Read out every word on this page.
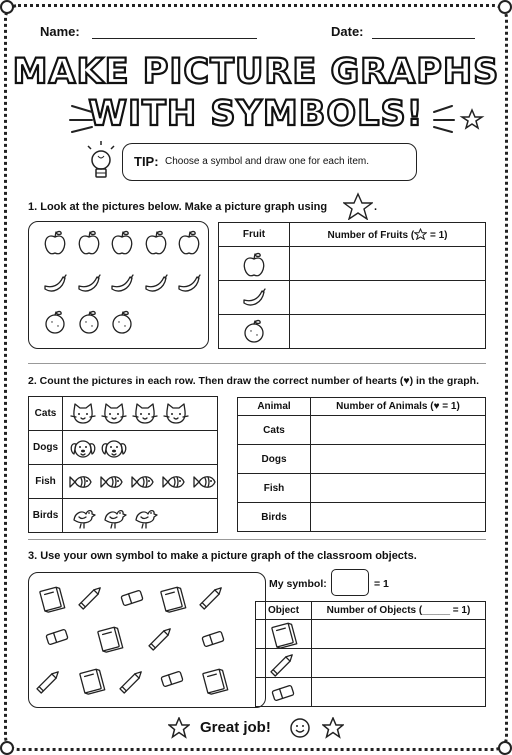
Name:	Date:
MAKE PICTURE GRAPHS
WITH SYMBOLS!
TIP: Choose a symbol and draw one for each item.
1. Look at the pictures below. Make a picture graph using	.
Fruit	Number of Fruits ( = 1)

2. Count the pictures in each row. Then draw the correct number of hearts (♥) in the graph.
Cats	

Dogs	

Fish	

Birds	
Animal	Number of Animals (♥ = 1)
Cats	
Dogs	
Fish	
Birds	
3. Use your own symbol to make a picture graph of the classroom objects.
My symbol:	= 1
Object	Number of Objects (_____ = 1)

Great job!
